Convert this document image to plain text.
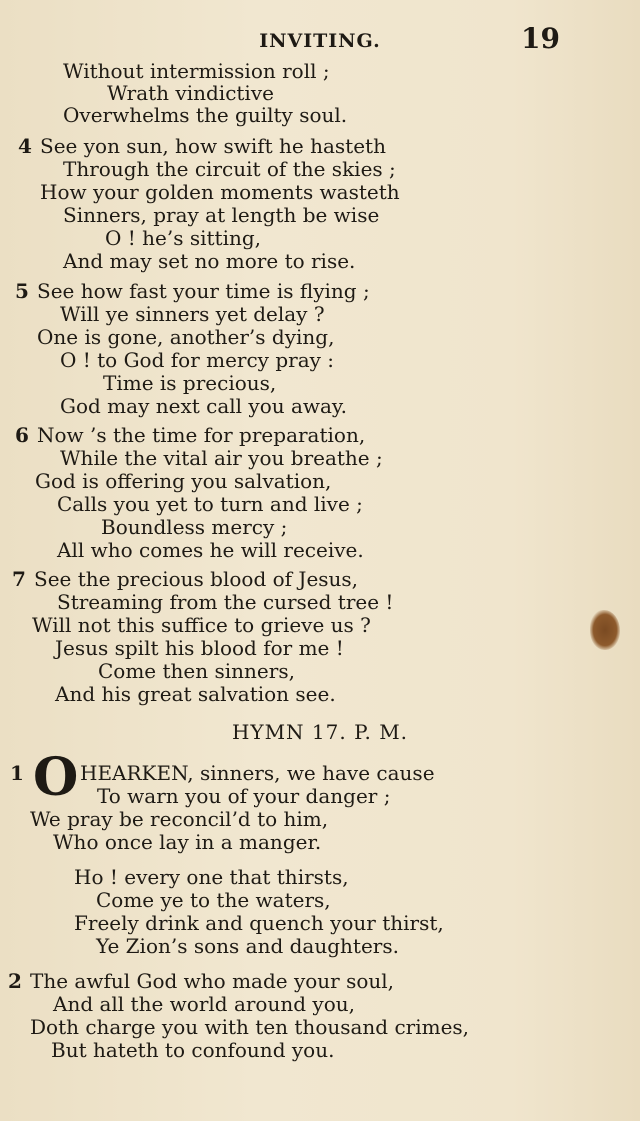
INVITING.	19
Without intermission roll ;
Wrath vindictive
Overwhelms the guilty soul.
4 See yon sun, how swift he hasteth
Through the circuit of the skies ;
How your golden moments wasteth
Sinners, pray at length be wise
O ! he’s sitting,
And may set no more to rise.
5 See how fast your time is flying ;
Will ye sinners yet delay ?
One is gone, another’s dying,
O ! to God for mercy pray :
Time is precious,
God may next call you away.
6 Now ’s the time for preparation,
While the vital air you breathe ;
God is offering you salvation,
Calls you yet to turn and live ;
Boundless mercy ;
All who comes he will receive.
7 See the precious blood of Jesus,
Streaming from the cursed tree !
Will not this suffice to grieve us ?
Jesus spilt his blood for me !
Come then sinners,
And his great salvation see.
HYMN 17. P. M.
1 O HEARKEN, sinners, we have cause
To warn you of your danger ;
We pray be reconcil’d to him,
Who once lay in a manger.
Ho ! every one that thirsts,
Come ye to the waters,
Freely drink and quench your thirst,
Ye Zion’s sons and daughters.
2 The awful God who made your soul,
And all the world around you,
Doth charge you with ten thousand crimes,
But hateth to confound you.
